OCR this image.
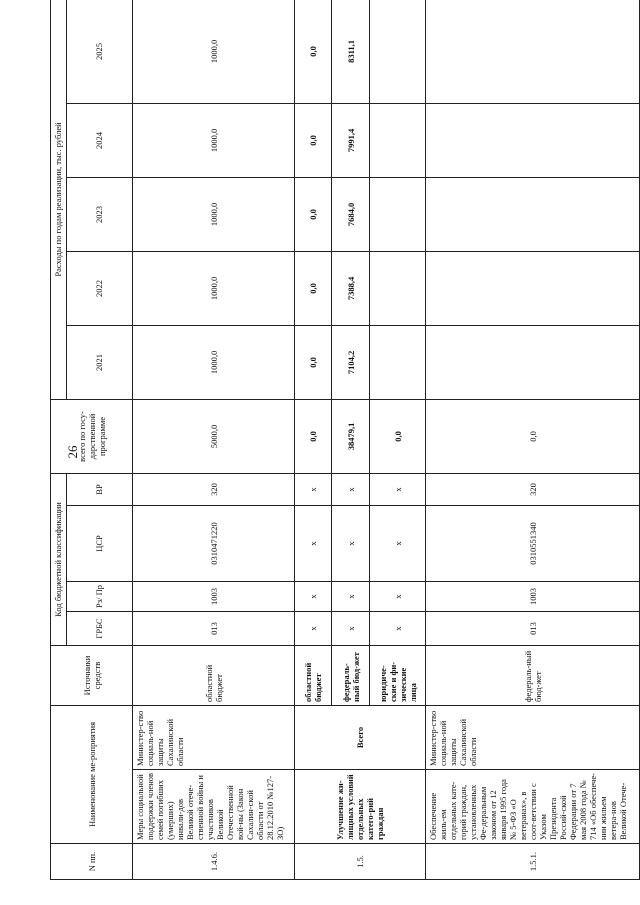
26
N пп.	Наименование ме-роприятия		Источники средств	Код бюджетной классификации				всего по госу-дарственной программе	Расходы по годам реализации, тыс. рублей				
				ГРБС	Рз/ Пр	ЦСР	ВР		2021	2022	2023	2024	2025
1.4.6.	Меры социальной поддержки членов семей погибших (умерших) инвали-дов Великой отече-ственной войны и участников Великой Отечественной вой-ны (Закон Сахалин-ской области от 28.12.2010 №127-ЗО)	Министер-ство социаль-ной защиты Сахалинской области	областной бюджет	013	1003	0310471220	320	5000,0	1000,0	1000,0	1000,0	1000,0	1000,0
1.5.	Улучшение жи-лищных условий отдельных катего-рий граждан	Всего	областной бюджет	x	x	x	x	0,0	0,0	0,0	0,0	0,0	0,0
			федераль-ный бюд-жет	x	x	x	x	38479,1	7104,2	7388,4	7684,0	7991,4	8311,1
			юридиче-ские и фи-зические лица	x	x	x	x	0,0					
1.5.1.	Обеспечение жиль-ем отдельных кате-горий граждан, установленных Фе-деральным законом от 12 января 1995 года № 5-ФЗ «О ветеранах», в соот-ветствии с Указом Президента Россий-ской Федерации от 7 мая 2008 года № 714 «Об обеспече-нии жильем ветера-нов Великой Отече-	Министер-ство социаль-ной защиты Сахалинской области	федераль-ный бюд-жет	013	1003	0310551340	320	0,0					
